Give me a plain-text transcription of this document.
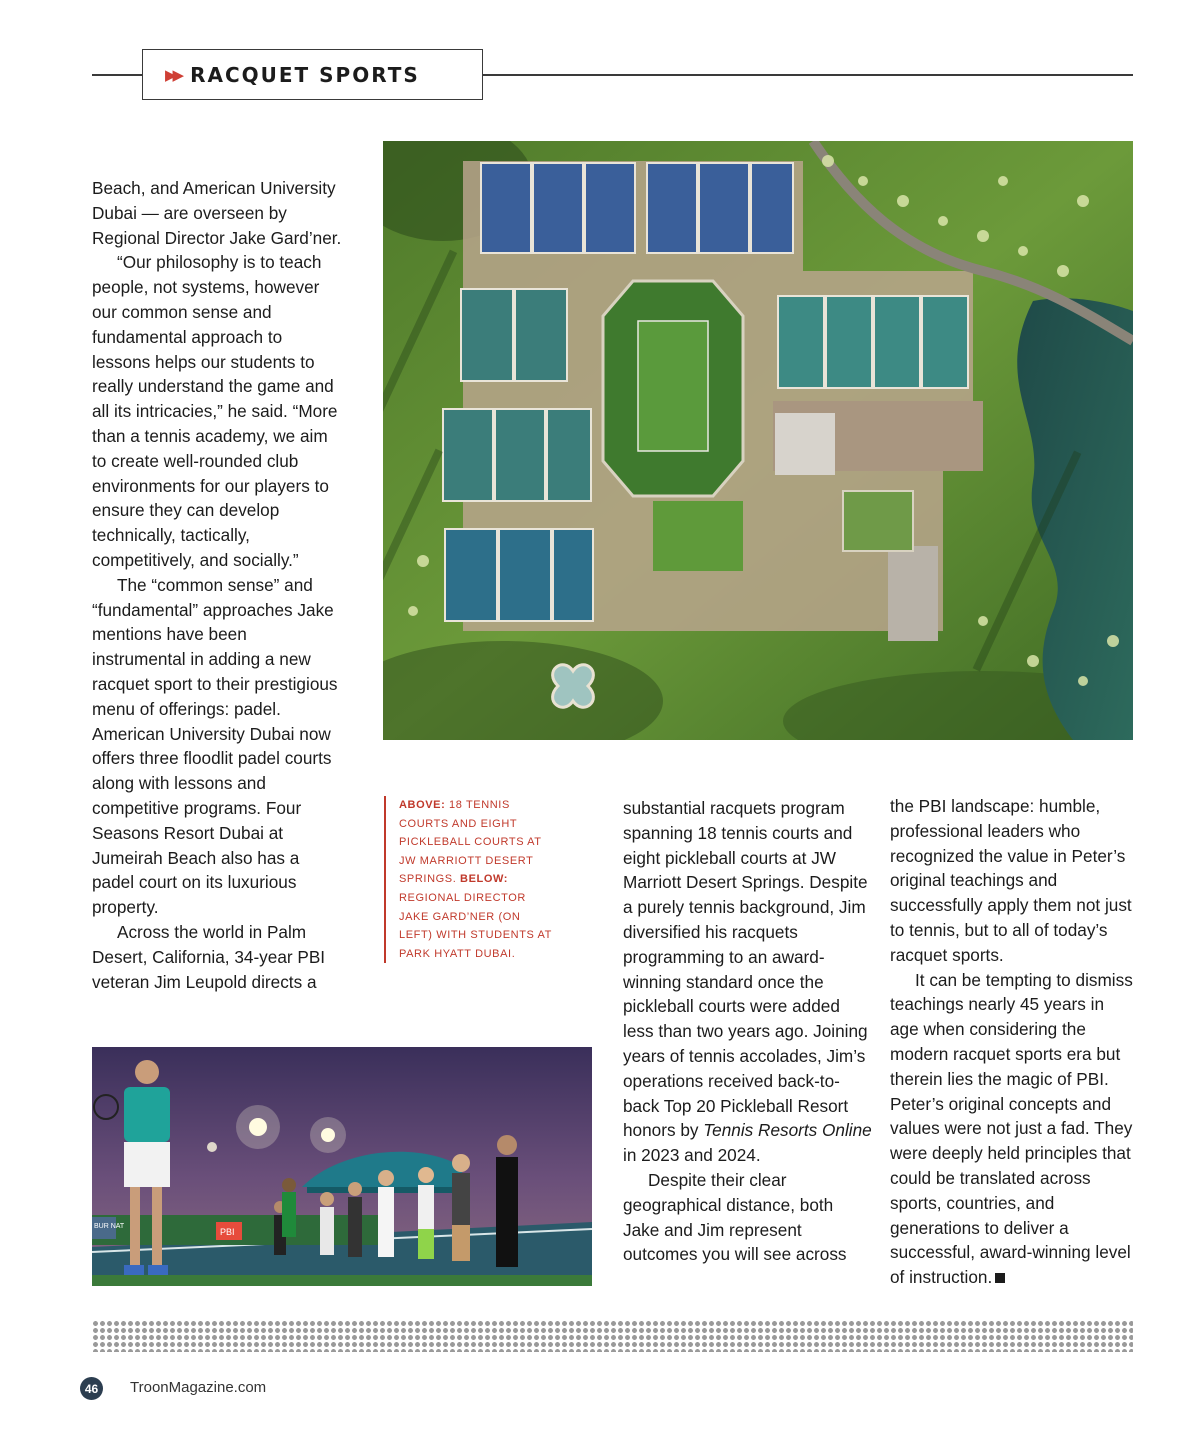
▶▶ RACQUET SPORTS

Beach, and American University Dubai — are overseen by Regional Director Jake Gard’ner.

“Our philosophy is to teach people, not systems, however our common sense and fundamental approach to lessons helps our students to really understand the game and all its intricacies,” he said. “More than a tennis academy, we aim to create well-rounded club environments for our players to ensure they can develop technically, tactically, competitively, and socially.”

The “common sense” and “fundamental” approaches Jake mentions have been instrumental in adding a new racquet sport to their prestigious menu of offerings: padel. American University Dubai now offers three floodlit padel courts along with lessons and competitive programs. Four Seasons Resort Dubai at Jumeirah Beach also has a padel court on its luxurious property.

Across the world in Palm Desert, California, 34-year PBI veteran Jim Leupold directs a

ABOVE: 18 TENNIS COURTS AND EIGHT PICKLEBALL COURTS AT JW MARRIOTT DESERT SPRINGS. BELOW: REGIONAL DIRECTOR JAKE GARD’NER (ON LEFT) WITH STUDENTS AT PARK HYATT DUBAI.

substantial racquets program spanning 18 tennis courts and eight pickleball courts at JW Marriott Desert Springs. Despite a purely tennis background, Jim diversified his racquets programming to an award-winning standard once the pickleball courts were added less than two years ago. Joining years of tennis accolades, Jim’s operations received back-to-back Top 20 Pickleball Resort honors by Tennis Resorts Online in 2023 and 2024.

Despite their clear geographical distance, both Jake and Jim represent outcomes you will see across

the PBI landscape: humble, professional leaders who recognized the value in Peter’s original teachings and successfully apply them not just to tennis, but to all of today’s racquet sports.

It can be tempting to dismiss teachings nearly 45 years in age when considering the modern racquet sports era but therein lies the magic of PBI. Peter’s original concepts and values were not just a fad. They were deeply held principles that could be translated across sports, countries, and generations to deliver a successful, award-winning level of instruction.

BUR NAT
PBI
46	TroonMagazine.com
